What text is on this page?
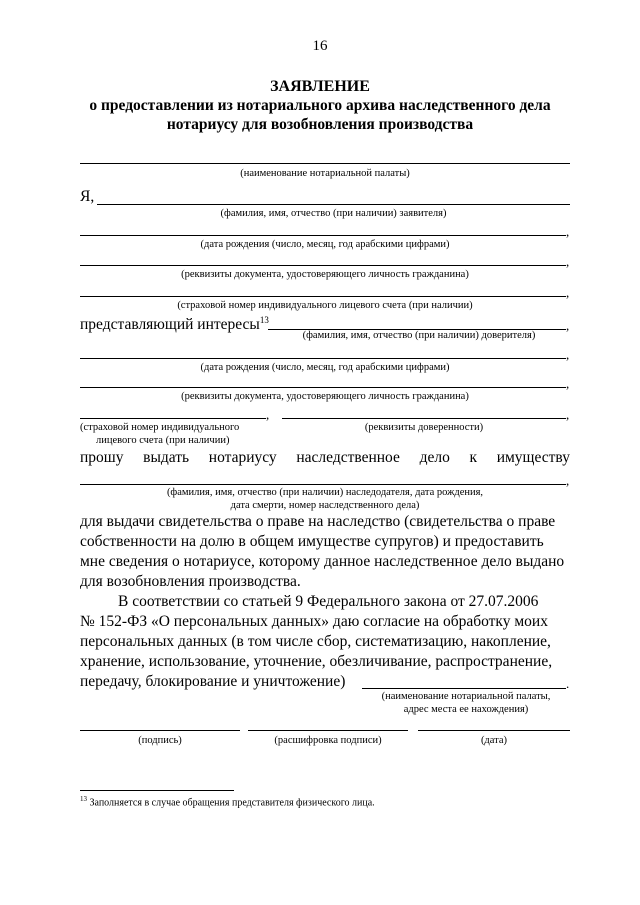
16
ЗАЯВЛЕНИЕ
о предоставлении из нотариального архива наследственного дела
нотариусу для возобновления производства
(наименование нотариальной палаты)
Я,
(фамилия, имя, отчество (при наличии) заявителя)
,
(дата рождения (число, месяц, год арабскими цифрами)
,
(реквизиты документа, удостоверяющего личность гражданина)
,
(страховой номер индивидуального лицевого счета (при наличии)
представляющий интересы$^{13}$	,
(фамилия, имя, отчество (при наличии) доверителя)
,
(дата рождения (число, месяц, год арабскими цифрами)
,
(реквизиты документа, удостоверяющего личность гражданина)
,	,
(страховой номер индивидуального
лицевого счета (при наличии)
(реквизиты доверенности)
прошу выдать нотариусу наследственное дело к имуществу
,
(фамилия, имя, отчество (при наличии) наследодателя, дата рождения,
дата смерти, номер наследственного дела)
для выдачи свидетельства о праве на наследство (свидетельства о праве
собственности на долю в общем имуществе супругов) и предоставить
мне сведения о нотариусе, которому данное наследственное дело выдано
для возобновления производства.
В соответствии со статьей 9 Федерального закона от 27.07.2006
№ 152-ФЗ «О персональных данных» даю согласие на обработку моих
персональных данных (в том числе сбор, систематизацию, накопление,
хранение, использование, уточнение, обезличивание, распространение,
передачу, блокирование и уничтожение)	.
(наименование нотариальной палаты,
адрес места ее нахождения)
(подпись)	(расшифровка подписи)	(дата)
$^{13}$ Заполняется в случае обращения представителя физического лица.
